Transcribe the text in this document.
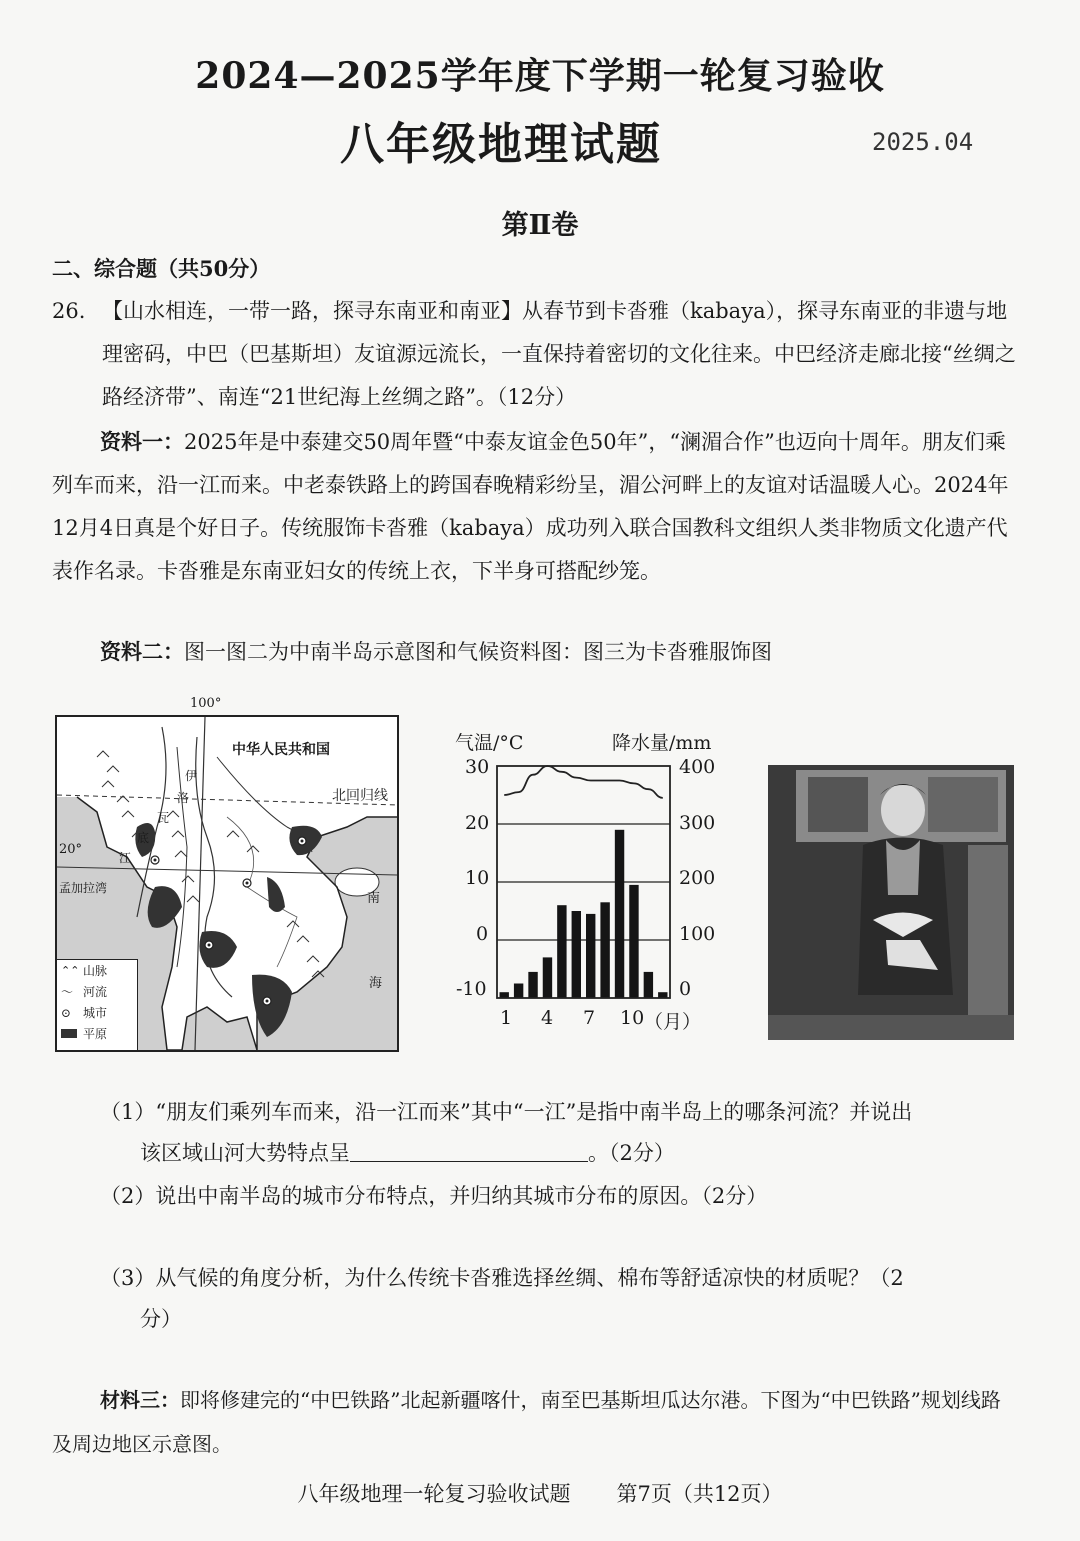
2024—2025学年度下学期一轮复习验收
八年级地理试题	2025.04
第Ⅱ卷
二、综合题（共50分）
26. 【山水相连，一带一路，探寻东南亚和南亚】从春节到卡沓雅（kabaya），探寻东南亚的非遗与地理密码，中巴（巴基斯坦）友谊源远流长，一直保持着密切的文化往来。中巴经济走廊北接“丝绸之路经济带”、南连“21世纪海上丝绸之路”。（12分）
资料一：2025年是中泰建交50周年暨“中泰友谊金色50年”，“澜湄合作”也迈向十周年。朋友们乘列车而来，沿一江而来。中老泰铁路上的跨国春晚精彩纷呈，湄公河畔上的友谊对话温暖人心。2024年12月4日真是个好日子。传统服饰卡沓雅（kabaya）成功列入联合国教科文组织人类非物质文化遗产代表作名录。卡沓雅是东南亚妇女的传统上衣，下半身可搭配纱笼。
资料二：图一图二为中南半岛示意图和气候资料图：图三为卡沓雅服饰图
100°
中华人民共和国
北回归线
20°
孟加拉湾
伊
洛
瓦
底
江
南
海
⌃⌃ 山脉
〜 河流
⊙ 城市
平原
气温/°C	降水量/mm
30
20
10
0
-10
400
300
200
100
0
1 4 7 10 （月）
（1）“朋友们乘列车而来，沿一江而来”其中“一江”是指中南半岛上的哪条河流？并说出
该区域山河大势特点呈	。（2分）
（2）说出中南半岛的城市分布特点，并归纳其城市分布的原因。（2分）
（3）从气候的角度分析，为什么传统卡沓雅选择丝绸、棉布等舒适凉快的材质呢？（2
分）
材料三：即将修建完的“中巴铁路”北起新疆喀什，南至巴基斯坦瓜达尔港。下图为“中巴铁路”规划线路及周边地区示意图。
八年级地理一轮复习验收试题 第7页（共12页）
